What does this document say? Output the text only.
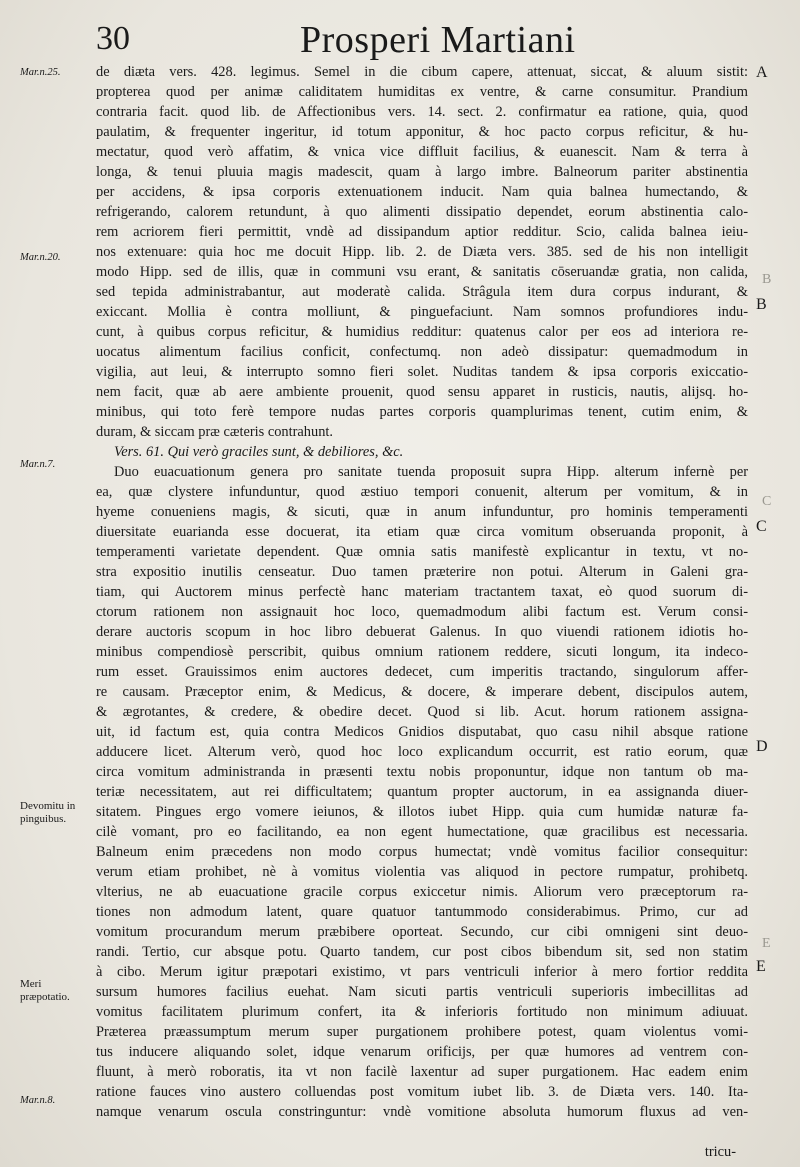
30	Prosperi Martiani
de diæta vers. 428. legimus. Semel in die cibum capere, attenuat, siccat, & aluum sistit:
propterea quod per animæ caliditatem humiditas ex ventre, & carne consumitur. Prandium
contraria facit. quod lib. de Affectionibus vers. 14. sect. 2. confirmatur ea ratione, quia, quod
paulatim, & frequenter ingeritur, id totum apponitur, & hoc pacto corpus reficitur, & hu-
mectatur, quod verò affatim, & vnica vice diffluit facilius, & euanescit. Nam & terra à
longa, & tenui pluuia magis madescit, quam à largo imbre. Balneorum pariter abstinentia
per accidens, & ipsa corporis extenuationem inducit. Nam quia balnea humectando, &
refrigerando, calorem retundunt, à quo alimenti dissipatio dependet, eorum abstinentia calo-
rem acriorem fieri permittit, vndè ad dissipandum aptior redditur. Scio, calida balnea ieiu-
nos extenuare: quia hoc me docuit Hipp. lib. 2. de Diæta vers. 385. sed de his non intelligit
modo Hipp. sed de illis, quæ in communi vsu erant, & sanitatis cōseruandæ gratia, non calida,
sed tepida administrabantur, aut moderatè calida. Strâgula item dura corpus indurant, &
exiccant. Mollia è contra molliunt, & pinguefaciunt. Nam somnos profundiores indu-
cunt, à quibus corpus reficitur, & humidius redditur: quatenus calor per eos ad interiora re-
uocatus alimentum facilius conficit, confectumq. non adeò dissipatur: quemadmodum in
vigilia, aut leui, & interrupto somno fieri solet. Nuditas tandem & ipsa corporis exiccatio-
nem facit, quæ ab aere ambiente prouenit, quod sensu apparet in rusticis, nautis, alijsq. ho-
minibus, qui toto ferè tempore nudas partes corporis quamplurimas tenent, cutim enim, &
duram, & siccam præ cæteris contrahunt.
Vers. 61. Qui verò graciles sunt, & debiliores, &c.
Duo euacuationum genera pro sanitate tuenda proposuit supra Hipp. alterum infernè per
ea, quæ clystere infunduntur, quod æstiuo tempori conuenit, alterum per vomitum, & in
hyeme conueniens magis, & sicuti, quæ in anum infunduntur, pro hominis temperamenti
diuersitate euarianda esse docuerat, ita etiam quæ circa vomitum obseruanda proponit, à
temperamenti varietate dependent. Quæ omnia satis manifestè explicantur in textu, vt no-
stra expositio inutilis censeatur. Duo tamen præterire non potui. Alterum in Galeni gra-
tiam, qui Auctorem minus perfectè hanc materiam tractantem taxat, eò quod suorum di-
ctorum rationem non assignauit hoc loco, quemadmodum alibi factum est. Verum consi-
derare auctoris scopum in hoc libro debuerat Galenus. In quo viuendi rationem idiotis ho-
minibus compendiosè perscribit, quibus omnium rationem reddere, sicuti longum, ita indeco-
rum esset. Grauissimos enim auctores dedecet, cum imperitis tractando, singulorum affer-
re causam. Præceptor enim, & Medicus, & docere, & imperare debent, discipulos autem,
& ægrotantes, & credere, & obedire decet. Quod si lib. Acut. horum rationem assigna-
uit, id factum est, quia contra Medicos Gnidios disputabat, quo casu nihil absque ratione
adducere licet. Alterum verò, quod hoc loco explicandum occurrit, est ratio eorum, quæ
circa vomitum administranda in præsenti textu nobis proponuntur, idque non tantum ob ma-
teriæ necessitatem, aut rei difficultatem; quantum propter auctorum, in ea assignanda diuer-
sitatem. Pingues ergo vomere ieiunos, & illotos iubet Hipp. quia cum humidæ naturæ fa-
cilè vomant, pro eo facilitando, ea non egent humectatione, quæ gracilibus est necessaria.
Balneum enim præcedens non modo corpus humectat; vndè vomitus facilior consequitur:
verum etiam prohibet, nè à vomitus violentia vas aliquod in pectore rumpatur, prohibetq.
vlterius, ne ab euacuatione gracile corpus exiccetur nimis. Aliorum vero præceptorum ra-
tiones non admodum latent, quare quatuor tantummodo considerabimus. Primo, cur ad
vomitum procurandum merum præbibere oporteat. Secundo, cur cibi omnigeni sint deuo-
randi. Tertio, cur absque potu. Quarto tandem, cur post cibos bibendum sit, sed non statim
à cibo. Merum igitur præpotari existimo, vt pars ventriculi inferior à mero fortior reddita
sursum humores facilius euehat. Nam sicuti partis ventriculi superioris imbecillitas ad
vomitus facilitatem plurimum confert, ita & inferioris fortitudo non minimum adiuuat.
Præterea præassumptum merum super purgationem prohibere potest, quam violentus vomi-
tus inducere aliquando solet, idque venarum orificijs, per quæ humores ad ventrem con-
fluunt, à merò roboratis, ita vt non facilè laxentur ad super purgationem. Hac eadem enim
ratione fauces vino austero colluendas post vomitum iubet lib. 3. de Diæta vers. 140. Ita-
namque venarum oscula constringuntur: vndè vomitione absoluta humorum fluxus ad ven-
tricu-
Mar.n.25.
Mar.n.20.
Mar.n.7.
Devomitu in pinguibus.
Meri præpotatio.
Mar.n.8.
A
B
B
C
C
D
E
E
